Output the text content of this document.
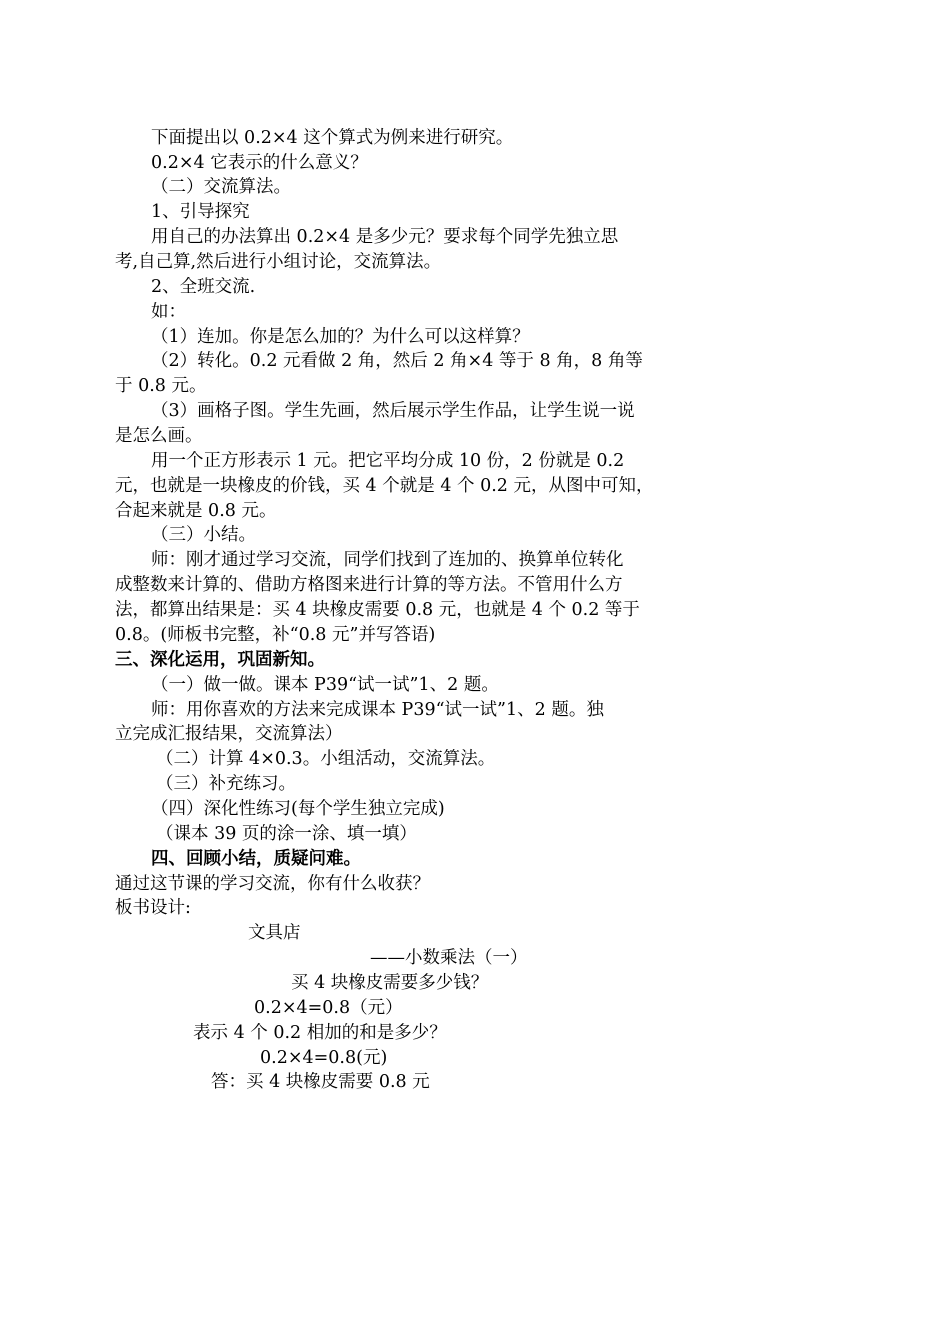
下面提出以 0.2×4 这个算式为例来进行研究。
0.2×4 它表示的什么意义？
（二）交流算法。
1、引导探究
用自己的办法算出 0.2×4 是多少元？要求每个同学先独立思
考,自己算,然后进行小组讨论，交流算法。
2、全班交流.
如：
（1）连加。你是怎么加的？为什么可以这样算？
（2）转化。0.2 元看做 2 角，然后 2 角×4 等于 8 角，8 角等
于 0.8 元。
（3）画格子图。学生先画，然后展示学生作品，让学生说一说
是怎么画。
用一个正方形表示 1 元。把它平均分成 10 份，2 份就是 0.2
元，也就是一块橡皮的价钱，买 4 个就是 4 个 0.2 元，从图中可知，
合起来就是 0.8 元。
（三）小结。
师：刚才通过学习交流，同学们找到了连加的、换算单位转化
成整数来计算的、借助方格图来进行计算的等方法。不管用什么方
法，都算出结果是：买 4 块橡皮需要 0.8 元，也就是 4 个 0.2 等于
0.8。(师板书完整，补“0.8 元”并写答语)
三、深化运用，巩固新知。
（一）做一做。课本 P39“试一试”1、2 题。
师：用你喜欢的方法来完成课本 P39“试一试”1、2 题。独
立完成汇报结果，交流算法）
（二）计算 4×0.3。小组活动，交流算法。
（三）补充练习。
（四）深化性练习(每个学生独立完成)
（课本 39 页的涂一涂、填一填）
四、回顾小结，质疑问难。
通过这节课的学习交流，你有什么收获？
板书设计:
文具店
——小数乘法（一）
买 4 块橡皮需要多少钱？
0.2×4=0.8（元）
表示 4 个 0.2 相加的和是多少？
0.2×4=0.8(元)
答：买 4 块橡皮需要 0.8 元
